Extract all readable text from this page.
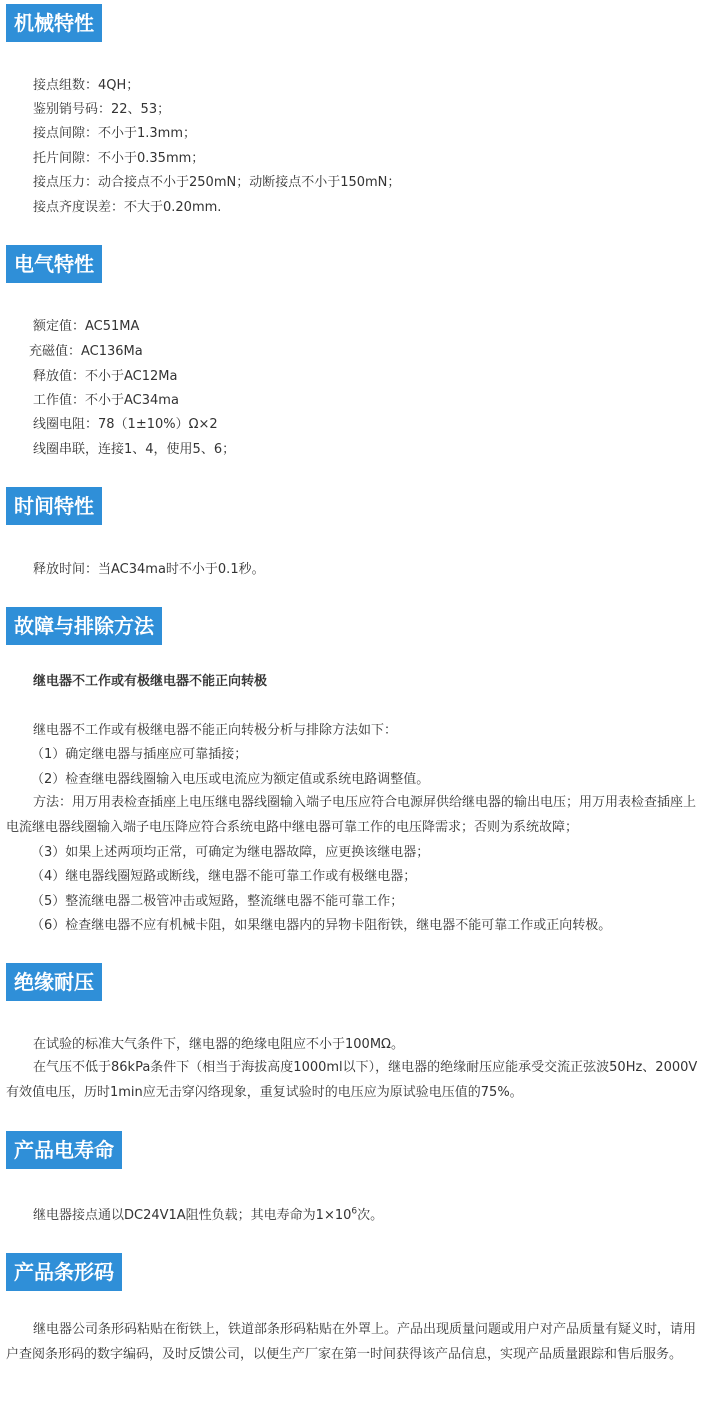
机械特性
接点组数：4QH；
鉴别销号码：22、53；
接点间隙：不小于1.3mm；
托片间隙：不小于0.35mm；
接点压力：动合接点不小于250mN；动断接点不小于150mN；
接点齐度误差：不大于0.20mm.
电气特性
额定值：AC51MA
充磁值：AC136Ma
释放值：不小于AC12Ma
工作值：不小于AC34ma
线圈电阻：78（1±10%）Ω×2
线圈串联，连接1、4，使用5、6；
时间特性
释放时间：当AC34ma时不小于0.1秒。
故障与排除方法
继电器不工作或有极继电器不能正向转极
继电器不工作或有极继电器不能正向转极分析与排除方法如下：
（1）确定继电器与插座应可靠插接；
（2）检查继电器线圈输入电压或电流应为额定值或系统电路调整值。
方法：用万用表检查插座上电压继电器线圈输入端子电压应符合电源屏供给继电器的输出电压；用万用表检查插座上电流继电器线圈输入端子电压降应符合系统电路中继电器可靠工作的电压降需求；否则为系统故障；
（3）如果上述两项均正常，可确定为继电器故障，应更换该继电器；
（4）继电器线圈短路或断线，继电器不能可靠工作或有极继电器；
（5）整流继电器二极管冲击或短路，整流继电器不能可靠工作；
（6）检查继电器不应有机械卡阻，如果继电器内的异物卡阻衔铁，继电器不能可靠工作或正向转极。
绝缘耐压
在试验的标准大气条件下，继电器的绝缘电阻应不小于100MΩ。
在气压不低于86kPa条件下（相当于海拔高度1000ml以下），继电器的绝缘耐压应能承受交流正弦波50Hz、2000V有效值电压，历时1min应无击穿闪络现象，重复试验时的电压应为原试验电压值的75%。
产品电寿命
继电器接点通以DC24V1A阻性负载；其电寿命为$1\times 10^6$次。
产品条形码
继电器公司条形码粘贴在衔铁上，铁道部条形码粘贴在外罩上。产品出现质量问题或用户对产品质量有疑义时，请用户查阅条形码的数字编码，及时反馈公司，以便生产厂家在第一时间获得该产品信息，实现产品质量跟踪和售后服务。
